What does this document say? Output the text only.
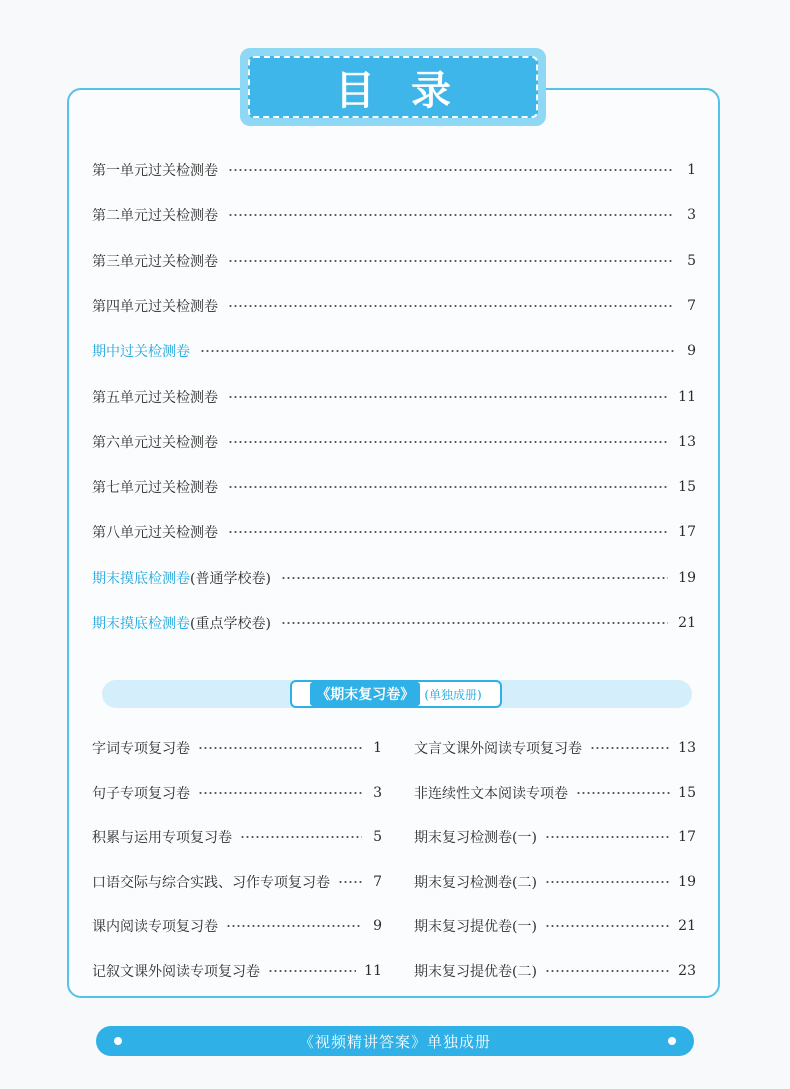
目录
第一单元过关检测卷	1
第二单元过关检测卷	3
第三单元过关检测卷	5
第四单元过关检测卷	7
期中过关检测卷	9
第五单元过关检测卷	11
第六单元过关检测卷	13
第七单元过关检测卷	15
第八单元过关检测卷	17
期末摸底检测卷(普通学校卷)	19
期末摸底检测卷(重点学校卷)	21
《期末复习卷》 (单独成册)
字词专项复习卷	1
句子专项复习卷	3
积累与运用专项复习卷	5
口语交际与综合实践、习作专项复习卷	7
课内阅读专项复习卷	9
记叙文课外阅读专项复习卷	11
文言文课外阅读专项复习卷	13
非连续性文本阅读专项卷	15
期末复习检测卷(一)	17
期末复习检测卷(二)	19
期末复习提优卷(一)	21
期末复习提优卷(二)	23
《视频精讲答案》单独成册
